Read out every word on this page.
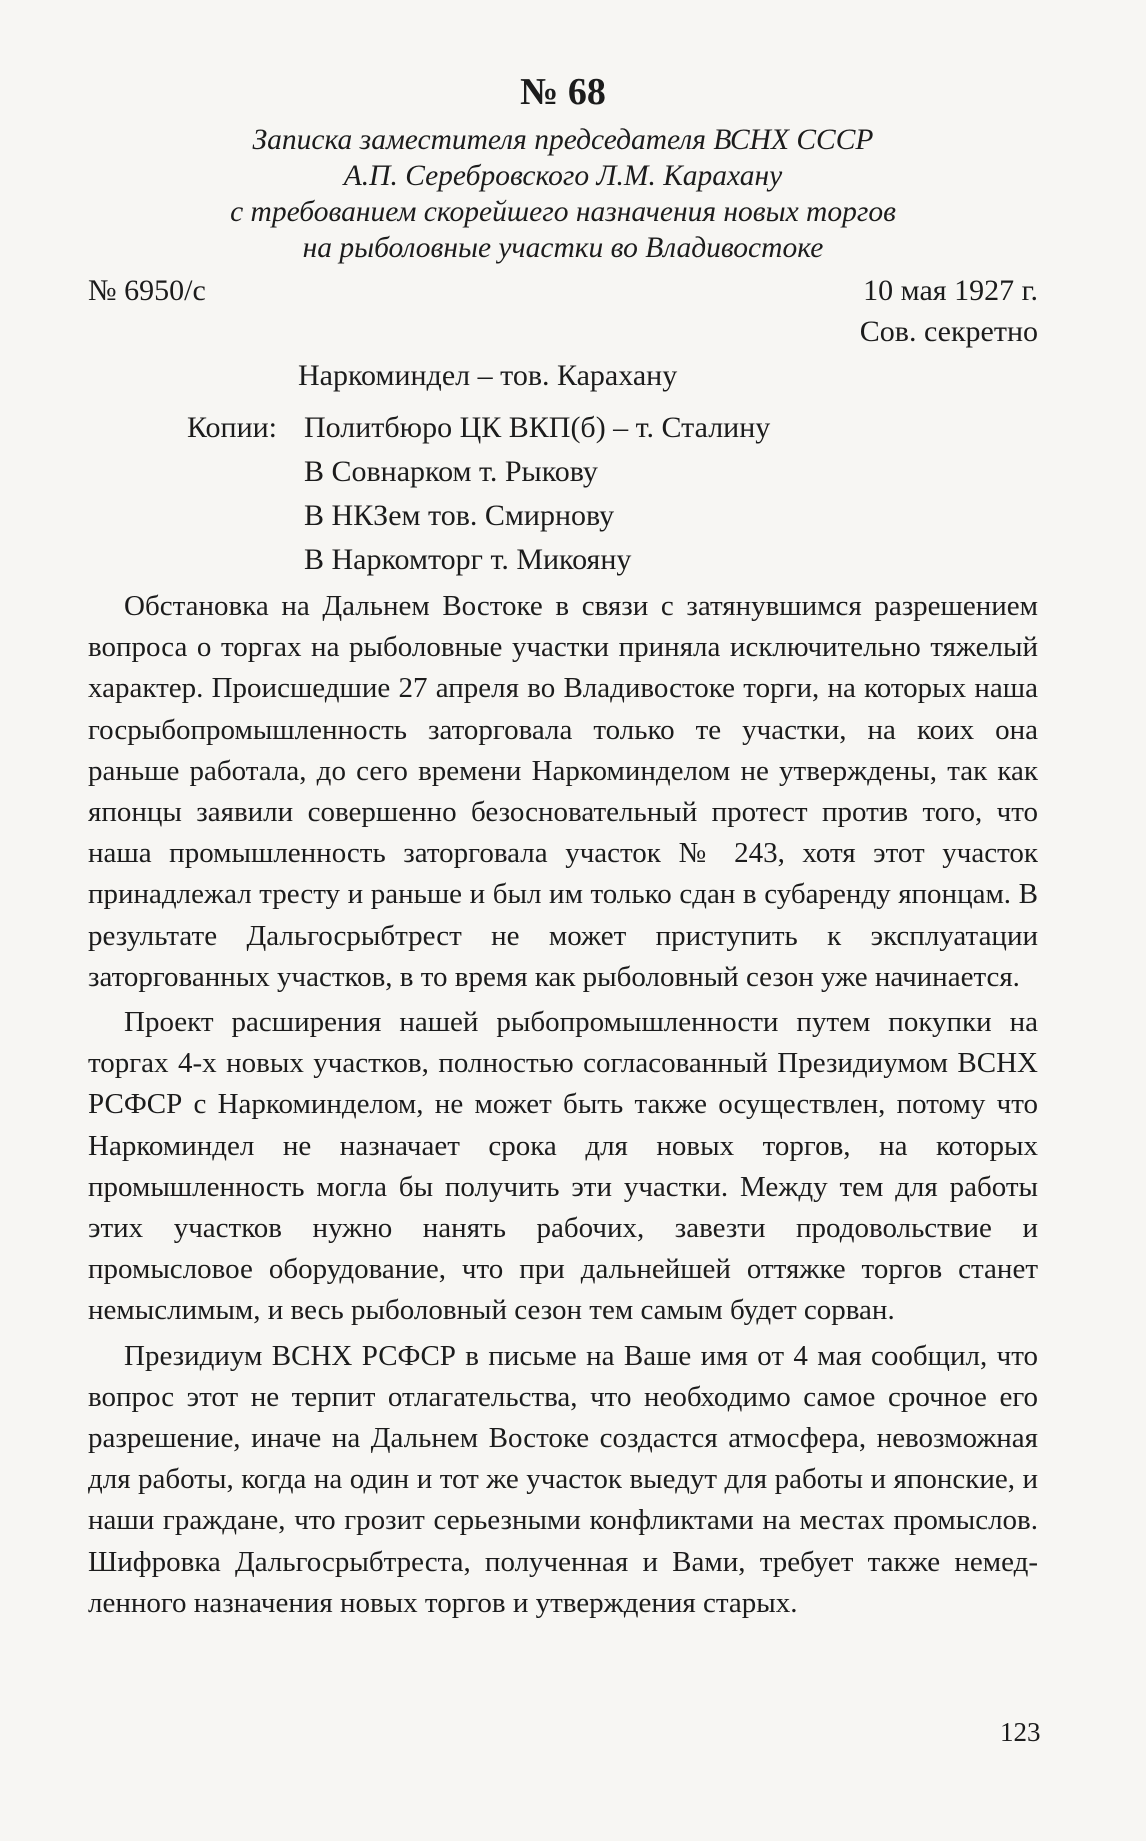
№ 68
Записка заместителя председателя ВСНХ СССР
А.П. Серебровского Л.М. Карахану
с требованием скорейшего назначения новых торгов
на рыболовные участки во Владивостоке
№ 6950/с	10 мая 1927 г.
Сов. секретно
Наркоминдел – тов. Карахану
Копии: Политбюро ЦК ВКП(б) – т. Сталину
В Совнарком т. Рыкову
В НКЗем тов. Смирнову
В Наркомторг т. Микояну

Обстановка на Дальнем Востоке в связи с затянувшимся разрешением вопроса о торгах на рыболовные участки приняла исключительно тяжелый характер. Происшедшие 27 апреля во Владивостоке торги, на которых наша госрыбопромышленность заторговала только те участки, на коих она раньше работала, до сего времени Наркоминделом не утверждены, так как японцы заявили совершенно безосновательный протест против того, что наша промышленность заторговала участок № 243, хотя этот участок принадлежал тресту и раньше и был им только сдан в субаренду японцам. В результате Дальгосрыбтрест не может приступить к эксплуатации заторгованных участков, в то время как рыболовный сезон уже начинается.

Проект расширения нашей рыбопромышленности путем покупки на торгах 4-х новых участков, полностью согласованный Президиумом ВСНХ РСФСР с Наркоминделом, не может быть также осуществлен, потому что Наркоминдел не назначает срока для новых торгов, на которых промышленность могла бы получить эти участки. Между тем для работы этих участков нужно нанять рабочих, завезти продовольствие и промысловое оборудование, что при дальнейшей оттяжке торгов станет немыслимым, и весь рыболовный сезон тем самым будет сорван.

Президиум ВСНХ РСФСР в письме на Ваше имя от 4 мая сообщил, что вопрос этот не терпит отлагательства, что необходимо самое срочное его разрешение, иначе на Дальнем Востоке создастся атмосфера, невозможная для работы, когда на один и тот же участок выедут для работы и японские, и наши граждане, что грозит серьезными конфликтами на местах промыслов. Шифровка Дальгосрыбтреста, полученная и Вами, требует также немедленного назначения новых торгов и утверждения старых.

123
